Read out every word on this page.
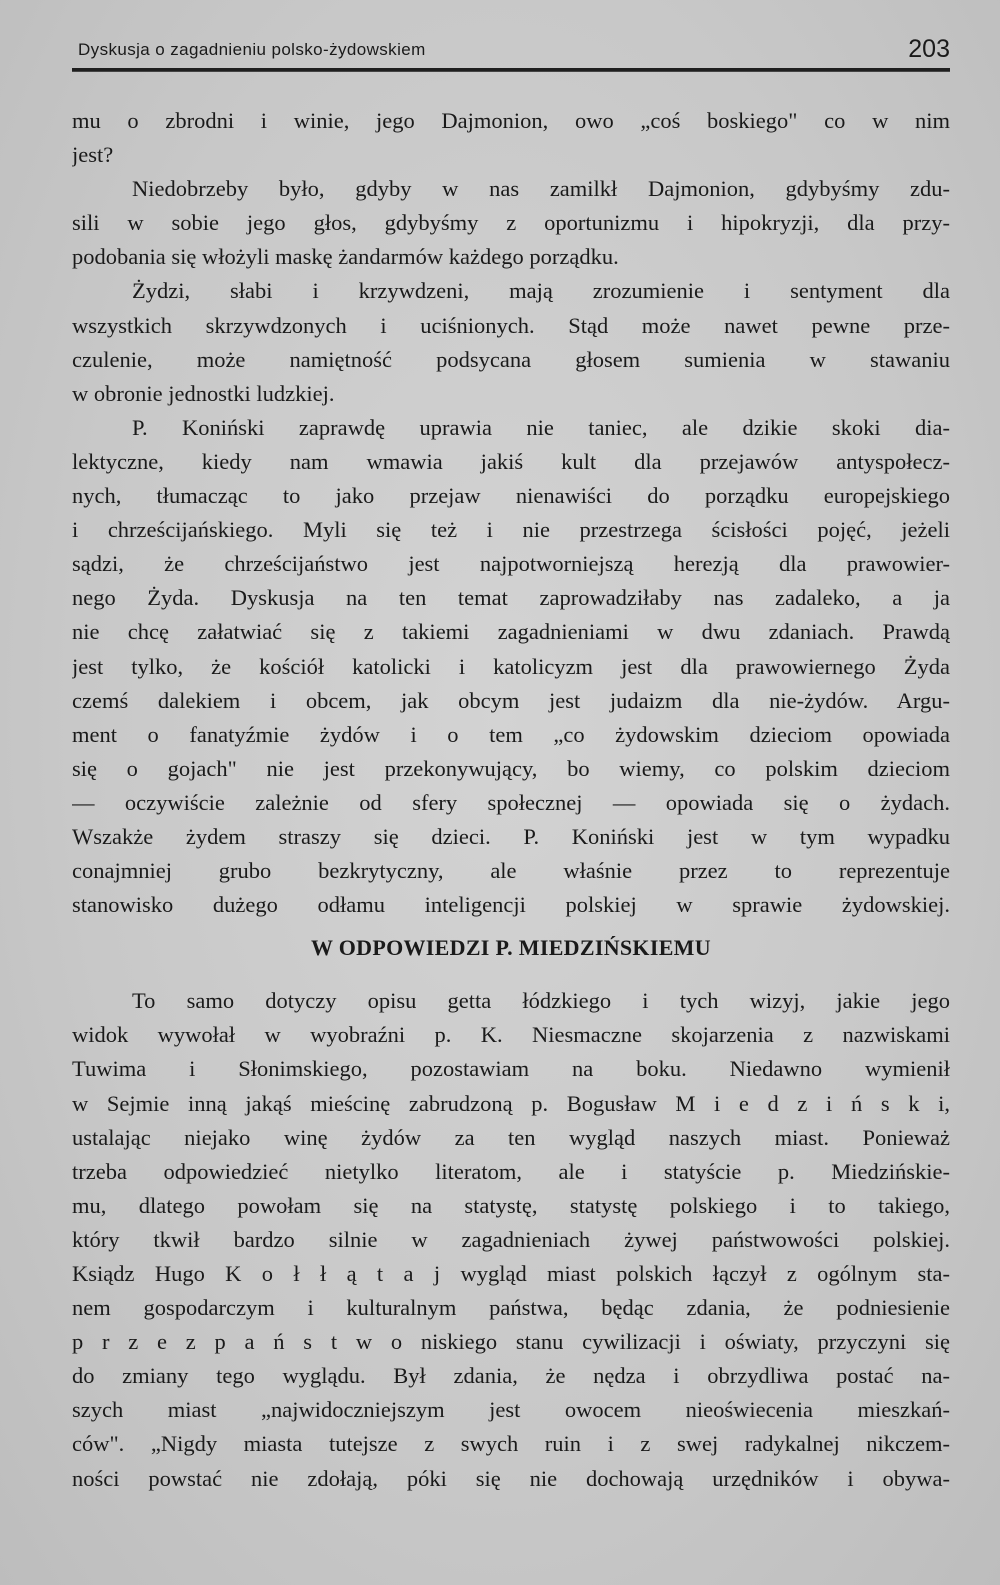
Dyskusja o zagadnieniu polsko-żydowskiem	203
mu o zbrodni i winie, jego Dajmonion, owo „coś boskiego" co w nim
jest?
Niedobrzeby było, gdyby w nas zamilkł Dajmonion, gdybyśmy zdu-
sili w sobie jego głos, gdybyśmy z oportunizmu i hipokryzji, dla przy-
podobania się włożyli maskę żandarmów każdego porządku.
Żydzi, słabi i krzywdzeni, mają zrozumienie i sentyment dla
wszystkich skrzywdzonych i uciśnionych. Stąd może nawet pewne prze-
czulenie, może namiętność podsycana głosem sumienia w stawaniu
w obronie jednostki ludzkiej.
P. Koniński zaprawdę uprawia nie taniec, ale dzikie skoki dia-
lektyczne, kiedy nam wmawia jakiś kult dla przejawów antyspołecz-
nych, tłumacząc to jako przejaw nienawiści do porządku europejskiego
i chrześcijańskiego. Myli się też i nie przestrzega ścisłości pojęć, jeżeli
sądzi, że chrześcijaństwo jest najpotworniejszą herezją dla prawowier-
nego Żyda. Dyskusja na ten temat zaprowadziłaby nas zadaleko, a ja
nie chcę załatwiać się z takiemi zagadnieniami w dwu zdaniach. Prawdą
jest tylko, że kościół katolicki i katolicyzm jest dla prawowiernego Żyda
czemś dalekiem i obcem, jak obcym jest judaizm dla nie-żydów. Argu-
ment o fanatyźmie żydów i o tem „co żydowskim dzieciom opowiada
się o gojach" nie jest przekonywujący, bo wiemy, co polskim dzieciom
— oczywiście zależnie od sfery społecznej — opowiada się o żydach.
Wszakże żydem straszy się dzieci. P. Koniński jest w tym wypadku
conajmniej grubo bezkrytyczny, ale właśnie przez to reprezentuje
stanowisko dużego odłamu inteligencji polskiej w sprawie żydowskiej.
W ODPOWIEDZI P. MIEDZIŃSKIEMU
To samo dotyczy opisu getta łódzkiego i tych wizyj, jakie jego
widok wywołał w wyobraźni p. K. Niesmaczne skojarzenia z nazwiskami
Tuwima i Słonimskiego, pozostawiam na boku. Niedawno wymienił
w Sejmie inną jakąś mieścinę zabrudzoną p. Bogusław M i e d z i ń s k i,
ustalając niejako winę żydów za ten wygląd naszych miast. Ponieważ
trzeba odpowiedzieć nietylko literatom, ale i statyście p. Miedzińskie-
mu, dlatego powołam się na statystę, statystę polskiego i to takiego,
który tkwił bardzo silnie w zagadnieniach żywej państwowości polskiej.
Ksiądz Hugo K o ł ł ą t a j wygląd miast polskich łączył z ogólnym sta-
nem gospodarczym i kulturalnym państwa, będąc zdania, że podniesienie
p r z e z p a ń s t w o niskiego stanu cywilizacji i oświaty, przyczyni się
do zmiany tego wyglądu. Był zdania, że nędza i obrzydliwa postać na-
szych miast „najwidoczniejszym jest owocem nieoświecenia mieszkań-
ców". „Nigdy miasta tutejsze z swych ruin i z swej radykalnej nikczem-
ności powstać nie zdołają, póki się nie dochowają urzędników i obywa-
